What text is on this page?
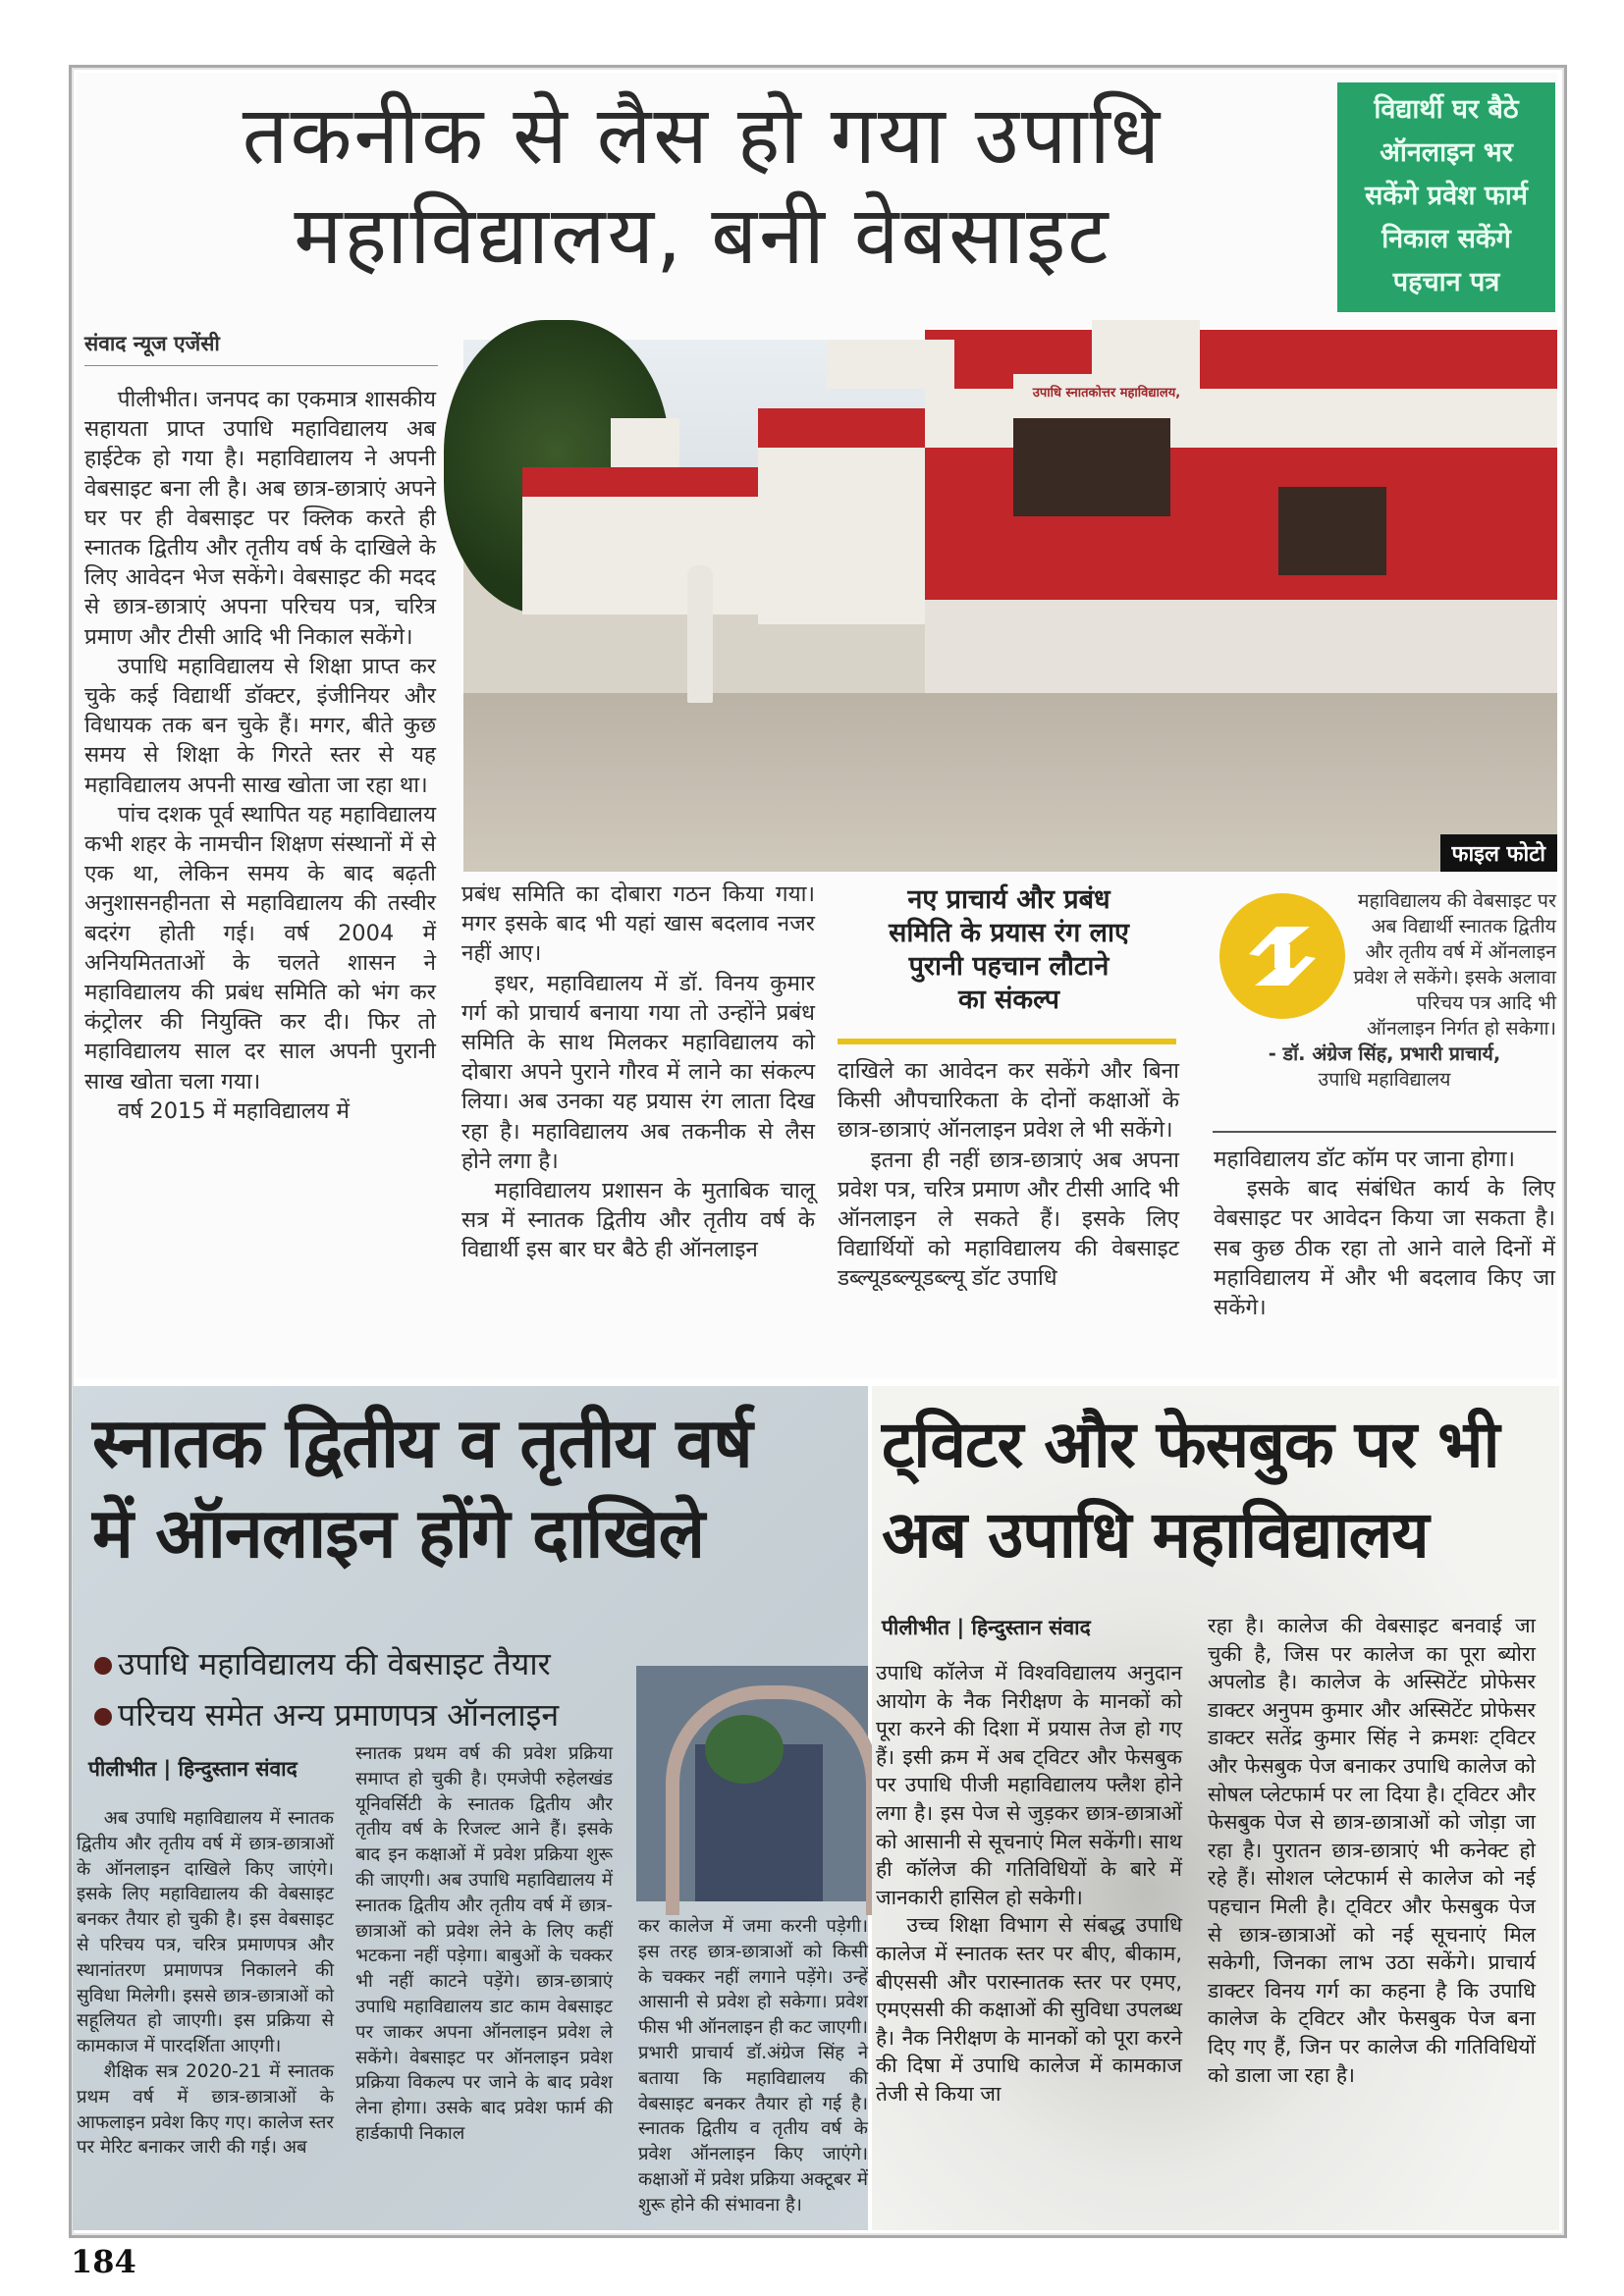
तकनीक से लैस हो गया उपाधि
महाविद्यालय, बनी वेबसाइट
विद्यार्थी घर बैठे
ऑनलाइन भर
सकेंगे प्रवेश फार्म
निकाल सकेंगे
पहचान पत्र
संवाद न्यूज एजेंसी
उपाधि स्नातकोत्तर महाविद्यालय,
फाइल फोटो

पीलीभीत। जनपद का एकमात्र शासकीय सहायता प्राप्त उपाधि महाविद्यालय अब हाईटेक हो गया है। महाविद्यालय ने अपनी वेबसाइट बना ली है। अब छात्र-छात्राएं अपने घर पर ही वेबसाइट पर क्लिक करते ही स्नातक द्वितीय और तृतीय वर्ष के दाखिले के लिए आवेदन भेज सकेंगे। वेबसाइट की मदद से छात्र-छात्राएं अपना परिचय पत्र, चरित्र प्रमाण और टीसी आदि भी निकाल सकेंगे।

उपाधि महाविद्यालय से शिक्षा प्राप्त कर चुके कई विद्यार्थी डॉक्टर, इंजीनियर और विधायक तक बन चुके हैं। मगर, बीते कुछ समय से शिक्षा के गिरते स्तर से यह महाविद्यालय अपनी साख खोता जा रहा था।

पांच दशक पूर्व स्थापित यह महाविद्यालय कभी शहर के नामचीन शिक्षण संस्थानों में से एक था, लेकिन समय के बाद बढ़ती अनुशासनहीनता से महाविद्यालय की तस्वीर बदरंग होती गई। वर्ष 2004 में अनियमितताओं के चलते शासन ने महाविद्यालय की प्रबंध समिति को भंग कर कंट्रोलर की नियुक्ति कर दी। फिर तो महाविद्यालय साल दर साल अपनी पुरानी साख खोता चला गया।

वर्ष 2015 में महाविद्यालय में

प्रबंध समिति का दोबारा गठन किया गया। मगर इसके बाद भी यहां खास बदलाव नजर नहीं आए।

इधर, महाविद्यालय में डॉ. विनय कुमार गर्ग को प्राचार्य बनाया गया तो उन्होंने प्रबंध समिति के साथ मिलकर महाविद्यालय को दोबारा अपने पुराने गौरव में लाने का संकल्प लिया। अब उनका यह प्रयास रंग लाता दिख रहा है। महाविद्यालय अब तकनीक से लैस होने लगा है।

महाविद्यालय प्रशासन के मुताबिक चालू सत्र में स्नातक द्वितीय और तृतीय वर्ष के विद्यार्थी इस बार घर बैठे ही ऑनलाइन

नए प्राचार्य और प्रबंध
समिति के प्रयास रंग लाए
पुरानी पहचान लौटाने
का संकल्प

दाखिले का आवेदन कर सकेंगे और बिना किसी औपचारिकता के दोनों कक्षाओं के छात्र-छात्राएं ऑनलाइन प्रवेश ले भी सकेंगे।

इतना ही नहीं छात्र-छात्राएं अब अपना प्रवेश पत्र, चरित्र प्रमाण और टीसी आदि भी ऑनलाइन ले सकते हैं। इसके लिए विद्यार्थियों को महाविद्यालय की वेबसाइट डब्ल्यूडब्ल्यूडब्ल्यू डॉट उपाधि

महाविद्यालय की वेबसाइट पर अब विद्यार्थी स्नातक द्वितीय और तृतीय वर्ष में ऑनलाइन प्रवेश ले सकेंगे। इसके अलावा परिचय पत्र आदि भी ऑनलाइन निर्गत हो सकेगा।
- डॉ. अंग्रेज सिंह, प्रभारी प्राचार्य,
उपाधि महाविद्यालय

महाविद्यालय डॉट कॉम पर जाना होगा।

इसके बाद संबंधित कार्य के लिए वेबसाइट पर आवेदन किया जा सकता है। सब कुछ ठीक रहा तो आने वाले दिनों में महाविद्यालय में और भी बदलाव किए जा सकेंगे।

स्नातक द्वितीय व तृतीय वर्ष
में ऑनलाइन होंगे दाखिले
उपाधि महाविद्यालय की वेबसाइट तैयार
परिचय समेत अन्य प्रमाणपत्र ऑनलाइन
पीलीभीत | हिन्दुस्तान संवाद

अब उपाधि महाविद्यालय में स्नातक द्वितीय और तृतीय वर्ष में छात्र-छात्राओं के ऑनलाइन दाखिले किए जाएंगे। इसके लिए महाविद्यालय की वेबसाइट बनकर तैयार हो चुकी है। इस वेबसाइट से परिचय पत्र, चरित्र प्रमाणपत्र और स्थानांतरण प्रमाणपत्र निकालने की सुविधा मिलेगी। इससे छात्र-छात्राओं को सहूलियत हो जाएगी। इस प्रक्रिया से कामकाज में पारदर्शिता आएगी।

शैक्षिक सत्र 2020-21 में स्नातक प्रथम वर्ष में छात्र-छात्राओं के आफलाइन प्रवेश किए गए। कालेज स्तर पर मेरिट बनाकर जारी की गई। अब

स्नातक प्रथम वर्ष की प्रवेश प्रक्रिया समाप्त हो चुकी है। एमजेपी रुहेलखंड यूनिवर्सिटी के स्नातक द्वितीय और तृतीय वर्ष के रिजल्ट आने हैं। इसके बाद इन कक्षाओं में प्रवेश प्रक्रिया शुरू की जाएगी। अब उपाधि महाविद्यालय में स्नातक द्वितीय और तृतीय वर्ष में छात्र-छात्राओं को प्रवेश लेने के लिए कहीं भटकना नहीं पड़ेगा। बाबुओं के चक्कर भी नहीं काटने पड़ेंगे। छात्र-छात्राएं उपाधि महाविद्यालय डाट काम वेबसाइट पर जाकर अपना ऑनलाइन प्रवेश ले सकेंगे। वेबसाइट पर ऑनलाइन प्रवेश प्रक्रिया विकल्प पर जाने के बाद प्रवेश लेना होगा। उसके बाद प्रवेश फार्म की हार्डकापी निकाल

कर कालेज में जमा करनी पड़ेगी। इस तरह छात्र-छात्राओं को किसी के चक्कर नहीं लगाने पड़ेंगे। उन्हें आसानी से प्रवेश हो सकेगा। प्रवेश फीस भी ऑनलाइन ही कट जाएगी। प्रभारी प्राचार्य डॉ.अंग्रेज सिंह ने बताया कि महाविद्यालय की वेबसाइट बनकर तैयार हो गई है। स्नातक द्वितीय व तृतीय वर्ष के प्रवेश ऑनलाइन किए जाएंगे। कक्षाओं में प्रवेश प्रक्रिया अक्टूबर में शुरू होने की संभावना है।

ट्विटर और फेसबुक पर भी
अब उपाधि महाविद्यालय
पीलीभीत | हिन्दुस्तान संवाद

उपाधि कॉलेज में विश्वविद्यालय अनुदान आयोग के नैक निरीक्षण के मानकों को पूरा करने की दिशा में प्रयास तेज हो गए हैं। इसी क्रम में अब ट्विटर और फेसबुक पर उपाधि पीजी महाविद्यालय फ्लैश होने लगा है। इस पेज से जुड़कर छात्र-छात्राओं को आसानी से सूचनाएं मिल सकेंगी। साथ ही कॉलेज की गतिविधियों के बारे में जानकारी हासिल हो सकेगी।

उच्च शिक्षा विभाग से संबद्ध उपाधि कालेज में स्नातक स्तर पर बीए, बीकाम, बीएससी और परास्नातक स्तर पर एमए, एमएससी की कक्षाओं की सुविधा उपलब्ध है। नैक निरीक्षण के मानकों को पूरा करने की दिषा में उपाधि कालेज में कामकाज तेजी से किया जा

रहा है। कालेज की वेबसाइट बनवाई जा चुकी है, जिस पर कालेज का पूरा ब्योरा अपलोड है। कालेज के अस्सिटेंट प्रोफेसर डाक्टर अनुपम कुमार और अस्सिटेंट प्रोफेसर डाक्टर सतेंद्र कुमार सिंह ने क्रमशः ट्विटर और फेसबुक पेज बनाकर उपाधि कालेज को सोषल प्लेटफार्म पर ला दिया है। ट्विटर और फेसबुक पेज से छात्र-छात्राओं को जोड़ा जा रहा है। पुरातन छात्र-छात्राएं भी कनेक्ट हो रहे हैं। सोशल प्लेटफार्म से कालेज को नई पहचान मिली है। ट्विटर और फेसबुक पेज से छात्र-छात्राओं को नई सूचनाएं मिल सकेगी, जिनका लाभ उठा सकेंगे। प्राचार्य डाक्टर विनय गर्ग का कहना है कि उपाधि कालेज के ट्विटर और फेसबुक पेज बना दिए गए हैं, जिन पर कालेज की गतिविधियों को डाला जा रहा है।

184
